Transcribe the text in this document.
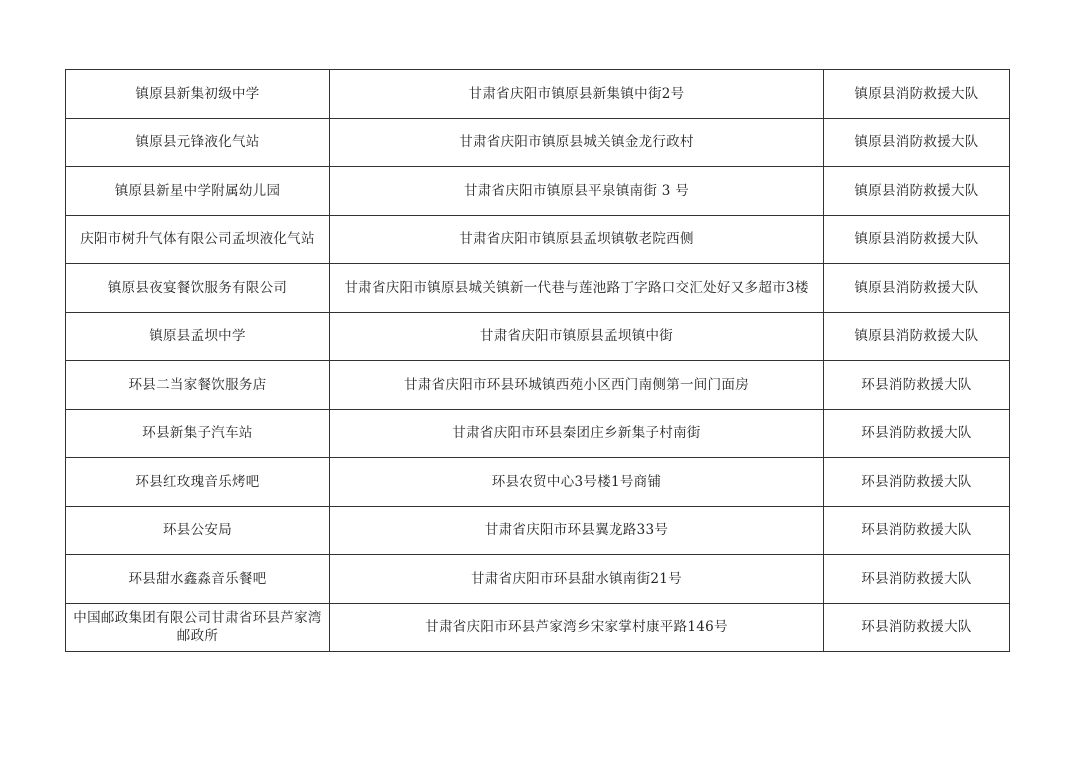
镇原县新集初级中学	甘肃省庆阳市镇原县新集镇中街2号	镇原县消防救援大队
镇原县元锋液化气站	甘肃省庆阳市镇原县城关镇金龙行政村	镇原县消防救援大队
镇原县新星中学附属幼儿园	甘肃省庆阳市镇原县平泉镇南街 3 号	镇原县消防救援大队
庆阳市树升气体有限公司孟坝液化气站	甘肃省庆阳市镇原县孟坝镇敬老院西侧	镇原县消防救援大队
镇原县夜宴餐饮服务有限公司	甘肃省庆阳市镇原县城关镇新一代巷与莲池路丁字路口交汇处好又多超市3楼	镇原县消防救援大队
镇原县孟坝中学	甘肃省庆阳市镇原县孟坝镇中街	镇原县消防救援大队
环县二当家餐饮服务店	甘肃省庆阳市环县环城镇西苑小区西门南侧第一间门面房	环县消防救援大队
环县新集子汽车站	甘肃省庆阳市环县秦团庄乡新集子村南街	环县消防救援大队
环县红玫瑰音乐烤吧	环县农贸中心3号楼1号商铺	环县消防救援大队
环县公安局	甘肃省庆阳市环县翼龙路33号	环县消防救援大队
环县甜水鑫淼音乐餐吧	甘肃省庆阳市环县甜水镇南街21号	环县消防救援大队
中国邮政集团有限公司甘肃省环县芦家湾邮政所	甘肃省庆阳市环县芦家湾乡宋家掌村康平路146号	环县消防救援大队
